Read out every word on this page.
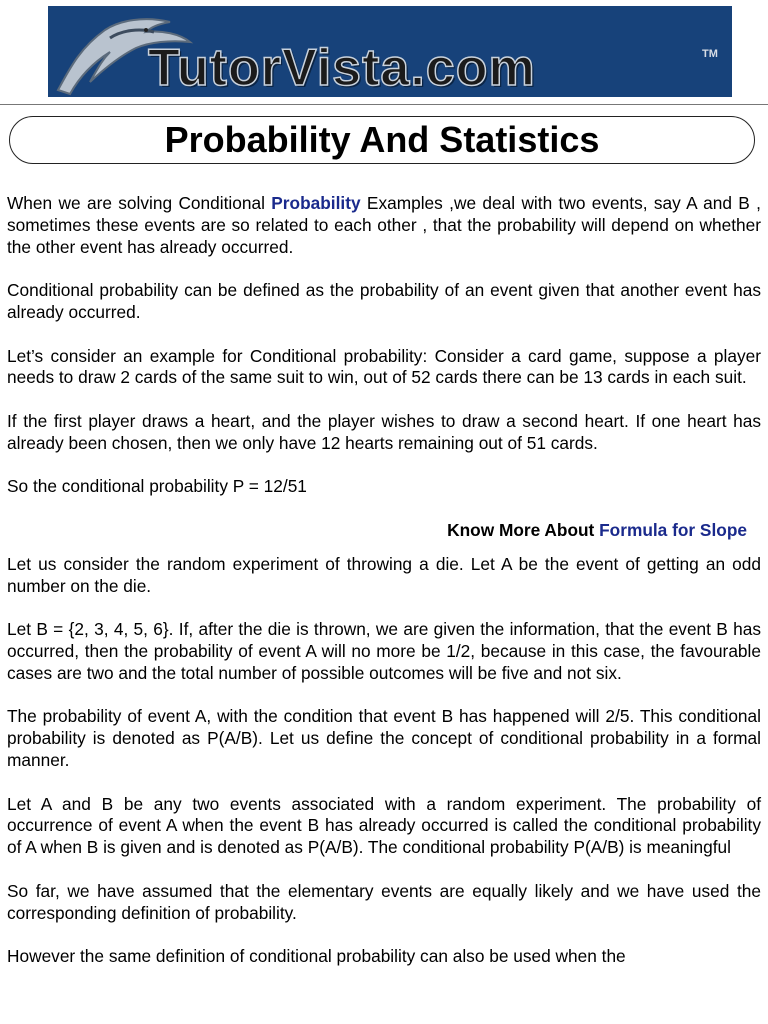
TutorVista.com	TM
Probability And Statistics

When we are solving Conditional Probability Examples ,we deal with two events, say A and B , sometimes these events are so related to each other , that the probability will depend on whether the other event has already occurred.

Conditional probability can be defined as the probability of an event given that another event has already occurred.

Let’s consider an example for Conditional probability: Consider a card game, suppose a player needs to draw 2 cards of the same suit to win, out of 52 cards there can be 13 cards in each suit.

If the first player draws a heart, and the player wishes to draw a second heart. If one heart has already been chosen, then we only have 12 hearts remaining out of 51 cards.

So the conditional probability P = 12/51

Know More About Formula for Slope

Let us consider the random experiment of throwing a die. Let A be the event of getting an odd number on the die.

Let B = {2, 3, 4, 5, 6}. If, after the die is thrown, we are given the information, that the event B has occurred, then the probability of event A will no more be 1/2, because in this case, the favourable cases are two and the total number of possible outcomes will be five and not six.

The probability of event A, with the condition that event B has happened will 2/5. This conditional probability is denoted as P(A/B). Let us define the concept of conditional probability in a formal manner.

Let A and B be any two events associated with a random experiment. The probability of occurrence of event A when the event B has already occurred is called the conditional probability of A when B is given and is denoted as P(A/B). The conditional probability P(A/B) is meaningful

So far, we have assumed that the elementary events are equally likely and we have used the corresponding definition of probability.

However the same definition of conditional probability can also be used when the
